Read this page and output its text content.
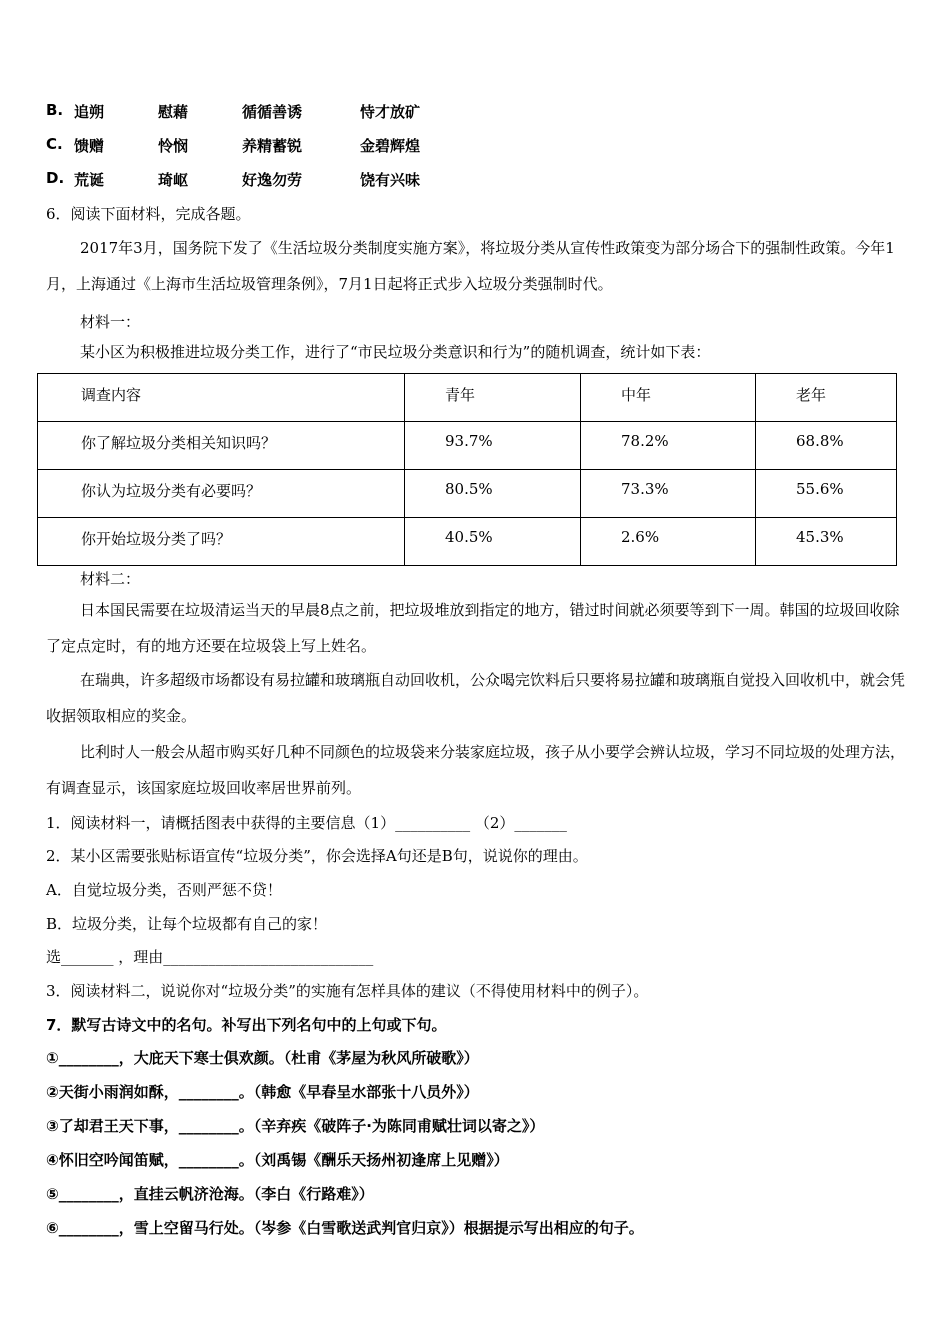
B. 追朔	慰藉	循循善诱	恃才放矿
C. 馈赠	怜悯	养精蓄锐	金碧辉煌
D. 荒诞	琦岖	好逸勿劳	饶有兴味
6．阅读下面材料，完成各题。
2017年3月，国务院下发了《生活垃圾分类制度实施方案》，将垃圾分类从宣传性政策变为部分场合下的强制性政策。今年1月，上海通过《上海市生活垃圾管理条例》，7月1日起将正式步入垃圾分类强制时代。
材料一：
某小区为积极推进垃圾分类工作，进行了“市民垃圾分类意识和行为”的随机调查，统计如下表：
调查内容	青年	中年	老年

你了解垃圾分类相关知识吗？	93.7%	78.2%	68.8%

你认为垃圾分类有必要吗？	80.5%	73.3%	55.6%

你开始垃圾分类了吗？	40.5%	2.6%	45.3%
材料二：
日本国民需要在垃圾清运当天的早晨8点之前，把垃圾堆放到指定的地方，错过时间就必须要等到下一周。韩国的垃圾回收除了定点定时，有的地方还要在垃圾袋上写上姓名。
在瑞典，许多超级市场都设有易拉罐和玻璃瓶自动回收机，公众喝完饮料后只要将易拉罐和玻璃瓶自觉投入回收机中，就会凭收据领取相应的奖金。
比利时人一般会从超市购买好几种不同颜色的垃圾袋来分装家庭垃圾，孩子从小要学会辨认垃圾，学习不同垃圾的处理方法，有调查显示，该国家庭垃圾回收率居世界前列。
1．阅读材料一，请概括图表中获得的主要信息（1）__________ （2）_______
2．某小区需要张贴标语宣传“垃圾分类”，你会选择A句还是B句，说说你的理由。
A．自觉垃圾分类，否则严惩不贷！
B．垃圾分类，让每个垃圾都有自己的家！
选_______ ，理由____________________________
3．阅读材料二，说说你对“垃圾分类”的实施有怎样具体的建议（不得使用材料中的例子）。
7．默写古诗文中的名句。补写出下列名句中的上句或下句。
①________，大庇天下寒士俱欢颜。（杜甫《茅屋为秋风所破歌》）
②天街小雨润如酥，________。（韩愈《早春呈水部张十八员外》）
③了却君王天下事，________。（辛弃疾《破阵子·为陈同甫赋壮词以寄之》）
④怀旧空吟闻笛赋，________。（刘禹锡《酬乐天扬州初逢席上见赠》）
⑤________，直挂云帆济沧海。（李白《行路难》）
⑥________，雪上空留马行处。（岑参《白雪歌送武判官归京》）根据提示写出相应的句子。
